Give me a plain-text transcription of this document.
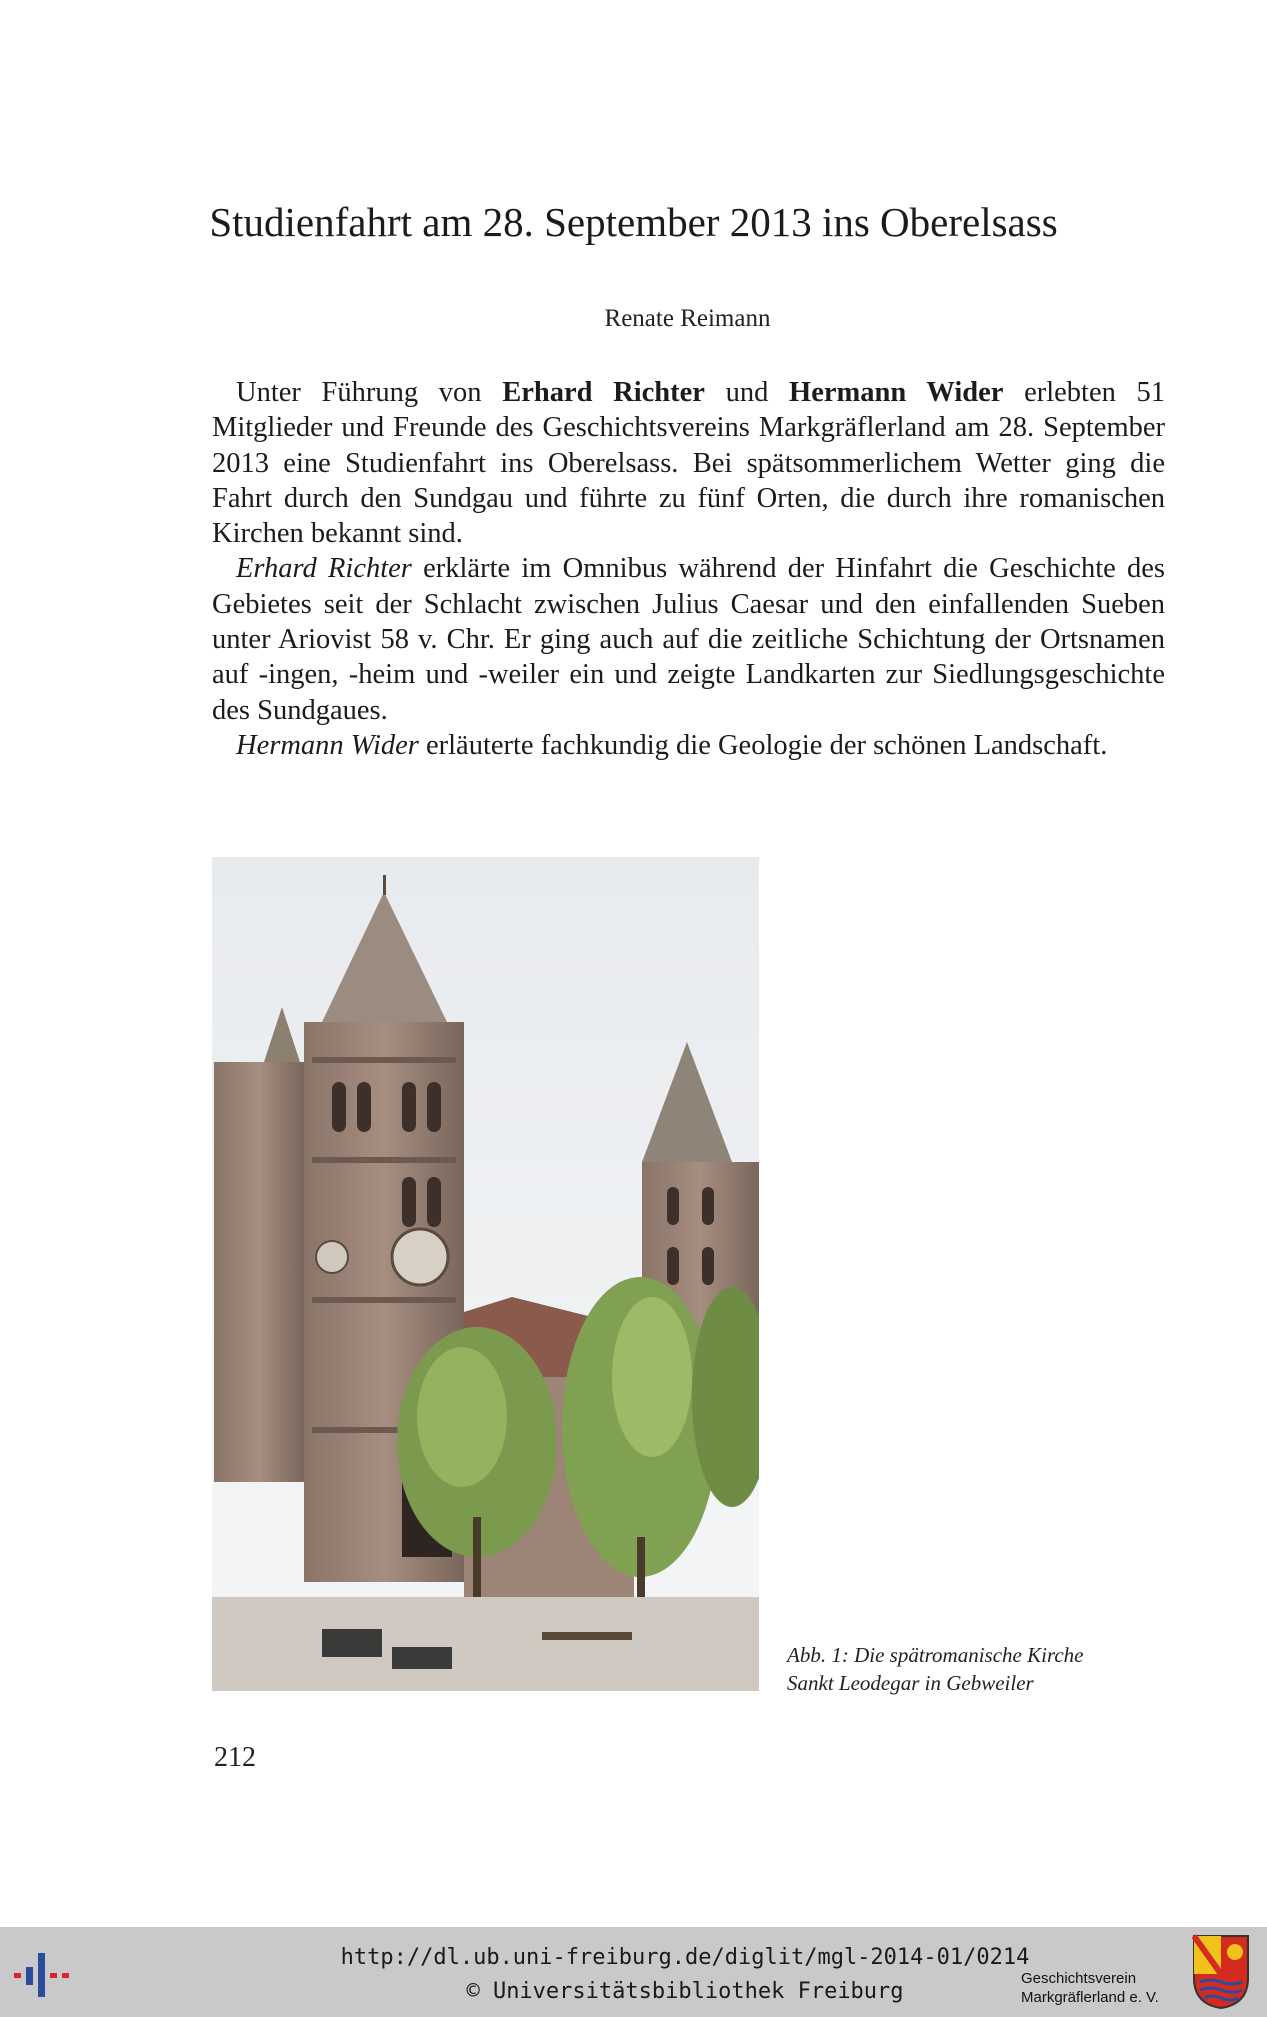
Studienfahrt am 28. September 2013 ins Oberelsass
Renate Reimann

Unter Führung von Erhard Richter und Hermann Wider erlebten 51 Mitglieder und Freunde des Geschichtsvereins Markgräflerland am 28. September 2013 eine Studienfahrt ins Oberelsass. Bei spätsommerlichem Wetter ging die Fahrt durch den Sundgau und führte zu fünf Orten, die durch ihre romanischen Kirchen bekannt sind.

Erhard Richter erklärte im Omnibus während der Hinfahrt die Geschichte des Gebietes seit der Schlacht zwischen Julius Caesar und den einfallenden Sueben unter Ariovist 58 v. Chr. Er ging auch auf die zeitliche Schichtung der Ortsnamen auf -ingen, -heim und -weiler ein und zeigte Landkarten zur Siedlungsgeschichte des Sundgaues.

Hermann Wider erläuterte fachkundig die Geologie der schönen Landschaft.

Abb. 1: Die spätromanische Kirche
Sankt Leodegar in Gebweiler
212
http://dl.ub.uni-freiburg.de/diglit/mgl-2014-01/0214
© Universitätsbibliothek Freiburg
Geschichtsverein
Markgräflerland e. V.
